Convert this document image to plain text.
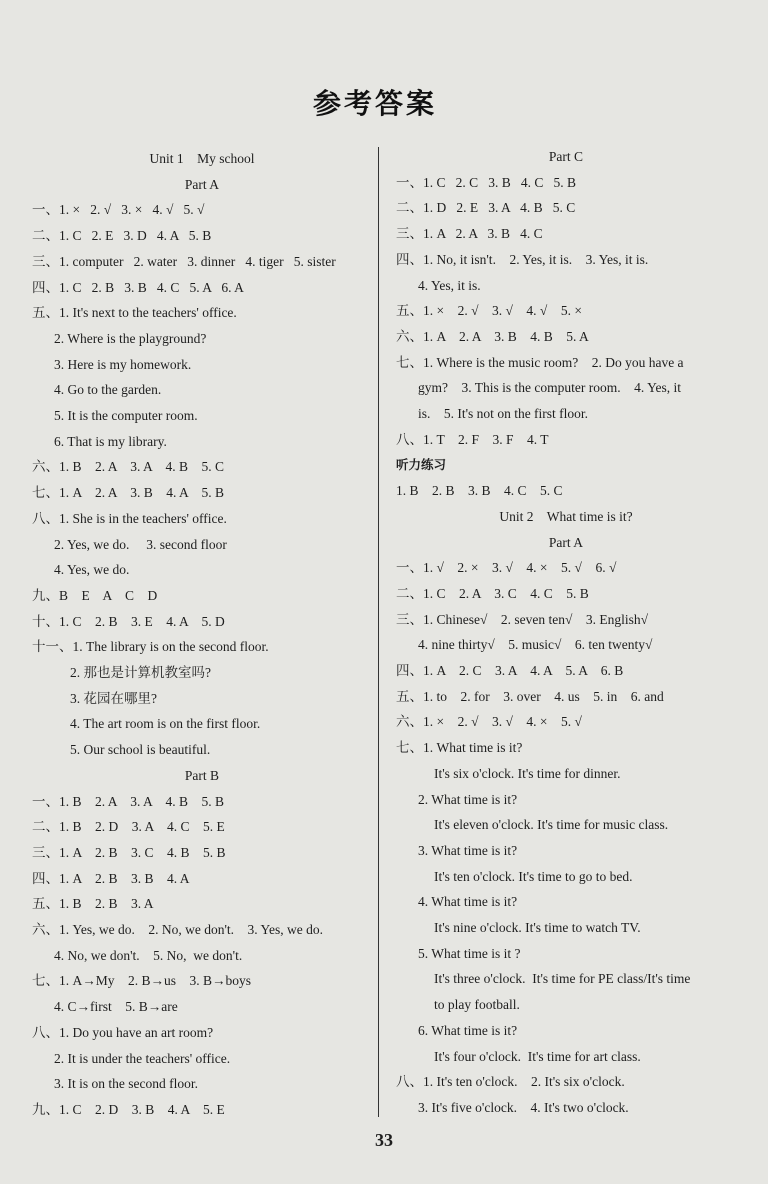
参考答案
Unit 1    My school
Part A
一、1. ×   2. √   3. ×   4. √   5. √
二、1. C   2. E   3. D   4. A   5. B
三、1. computer   2. water   3. dinner   4. tiger   5. sister
四、1. C   2. B   3. B   4. C   5. A   6. A
五、1. It's next to the teachers' office.
2. Where is the playground?
3. Here is my homework.
4. Go to the garden.
5. It is the computer room.
6. That is my library.
六、1. B    2. A    3. A    4. B    5. C
七、1. A    2. A    3. B    4. A    5. B
八、1. She is in the teachers' office.
2. Yes, we do.     3. second floor
4. Yes, we do.
九、B    E    A    C    D
十、1. C    2. B    3. E    4. A    5. D
十一、1. The library is on the second floor.
2. 那也是计算机教室吗?
3. 花园在哪里?
4. The art room is on the first floor.
5. Our school is beautiful.
Part B
一、1. B    2. A    3. A    4. B    5. B
二、1. B    2. D    3. A    4. C    5. E
三、1. A    2. B    3. C    4. B    5. B
四、1. A    2. B    3. B    4. A
五、1. B    2. B    3. A
六、1. Yes, we do.    2. No, we don't.    3. Yes, we do.
4. No, we don't.    5. No,  we don't.
七、1. A→My    2. B→us    3. B→boys
4. C→first    5. B→are
八、1. Do you have an art room?
2. It is under the teachers' office.
3. It is on the second floor.
九、1. C    2. D    3. B    4. A    5. E
Part C
一、1. C   2. C   3. B   4. C   5. B
二、1. D   2. E   3. A   4. B   5. C
三、1. A   2. A   3. B   4. C
四、1. No, it isn't.    2. Yes, it is.    3. Yes, it is.
4. Yes, it is.
五、1. ×    2. √    3. √    4. √    5. ×
六、1. A    2. A    3. B    4. B    5. A
七、1. Where is the music room?    2. Do you have a
gym?    3. This is the computer room.    4. Yes, it
is.    5. It's not on the first floor.
八、1. T    2. F    3. F    4. T
听力练习
1. B    2. B    3. B    4. C    5. C
Unit 2    What time is it?
Part A
一、1. √    2. ×    3. √    4. ×    5. √    6. √
二、1. C    2. A    3. C    4. C    5. B
三、1. Chinese√    2. seven ten√    3. English√
4. nine thirty√    5. music√    6. ten twenty√
四、1. A    2. C    3. A    4. A    5. A    6. B
五、1. to    2. for    3. over    4. us    5. in    6. and
六、1. ×    2. √    3. √    4. ×    5. √
七、1. What time is it?
It's six o'clock. It's time for dinner.
2. What time is it?
It's eleven o'clock. It's time for music class.
3. What time is it?
It's ten o'clock. It's time to go to bed.
4. What time is it?
It's nine o'clock. It's time to watch TV.
5. What time is it ?
It's three o'clock.  It's time for PE class/It's time
to play football.
6. What time is it?
It's four o'clock.  It's time for art class.
八、1. It's ten o'clock.    2. It's six o'clock.
3. It's five o'clock.    4. It's two o'clock.
33
